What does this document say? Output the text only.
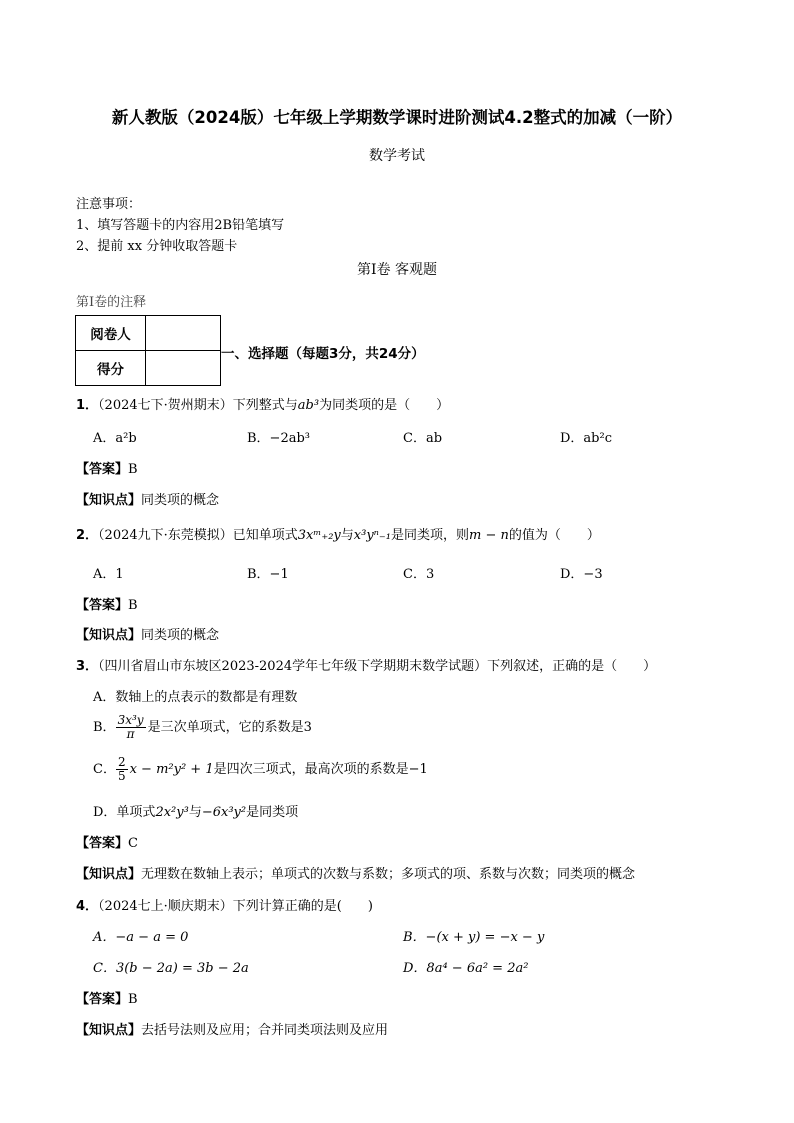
新人教版（2024版）七年级上学期数学课时进阶测试4.2整式的加减（一阶）
数学考试
注意事项：
1、填写答题卡的内容用2B铅笔填写
2、提前 xx 分钟收取答题卡
第Ⅰ卷 客观题
第Ⅰ卷的注释
阅卷人	
得分	
一、选择题（每题3分，共24分）
1．（2024七下·贺州期末）下列整式与ab³为同类项的是（　　）
A．a²b	B．−2ab³	C．ab	D．ab²c
【答案】B
【知识点】同类项的概念
2．（2024九下·东莞模拟）已知单项式3xᵐ₊₂y与x³yⁿ₋₁是同类项，则m − n的值为（　　）
A．1	B．−1	C．3	D．−3
【答案】B
【知识点】同类项的概念
3．（四川省眉山市东坡区2023-2024学年七年级下学期期末数学试题）下列叙述，正确的是（　　）
A．数轴上的点表示的数都是有理数
B． $\frac{\text{3x³y}}{\pi}$ 是三次单项式，它的系数是3
C． $\frac{2}{5}$ x − m²y² + 1是四次三项式，最高次项的系数是−1
D．单项式2x²y³与−6x³y²是同类项
【答案】C
【知识点】无理数在数轴上表示；单项式的次数与系数；多项式的项、系数与次数；同类项的概念
4．（2024七上·顺庆期末）下列计算正确的是(　　)
A．−a − a = 0	B．−(x + y) = −x − y
C．3(b − 2a) = 3b − 2a	D．8a⁴ − 6a² = 2a²
【答案】B
【知识点】去括号法则及应用；合并同类项法则及应用
